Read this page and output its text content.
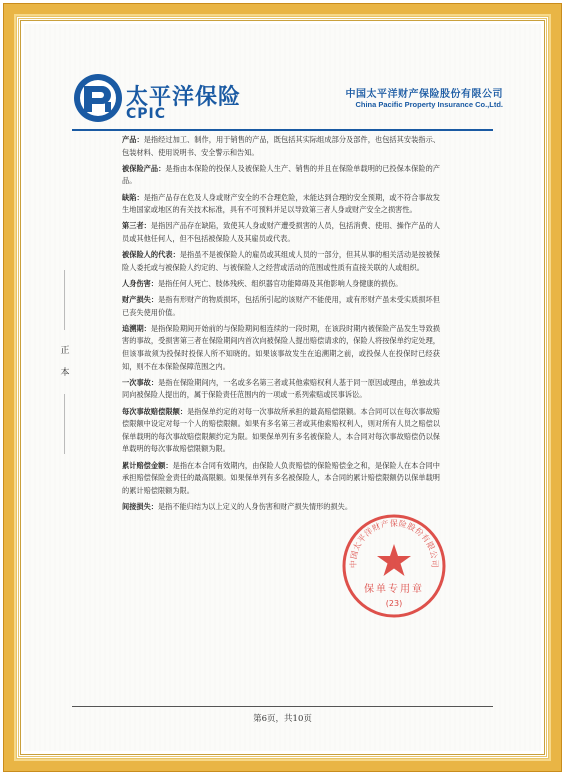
太平洋保险
CPIC
中国太平洋财产保险股份有限公司
China Pacific Property Insurance Co.,Ltd.
正
本

产品：是指经过加工、制作，用于销售的产品，既包括其实际组成部分及部件，也包括其安装指示、包装材料、使用说明书、安全警示和告知。

被保险产品：是指由本保险的投保人及被保险人生产、销售的并且在保险单载明的已投保本保险的产品。

缺陷：是指产品存在危及人身或财产安全的不合理危险，未能达到合理的安全预期，或不符合事故发生地国家或地区的有关技术标准，具有不可预料并足以导致第三者人身或财产安全之损害性。

第三者：是指因产品存在缺陷，致使其人身或财产遭受损害的人员，包括消费、使用、操作产品的人员或其他任何人，但不包括被保险人及其雇员或代表。

被保险人的代表：是指虽不是被保险人的雇员或其组成人员的一部分，但其从事的相关活动是按被保险人委托或与被保险人约定的、与被保险人之经营或活动的范围或性质有直接关联的人或组织。

人身伤害：是指任何人死亡、肢体残疾、组织器官功能障碍及其他影响人身健康的损伤。

财产损失：是指有形财产的物质损坏，包括所引起的该财产不能使用，或有形财产虽未受实质损坏但已丧失使用价值。

追溯期：是指保险期间开始前的与保险期间相连续的一段时期，在该段时期内被保险产品发生导致损害的事故，受损害第三者在保险期间内首次向被保险人提出赔偿请求的，保险人将按保单约定处理，但该事故须为投保时投保人所不知晓的。如果该事故发生在追溯期之前，或投保人在投保时已经获知，则不在本保险保障范围之内。

一次事故：是指在保险期间内，一名或多名第三者或其他索赔权利人基于同一原因或理由，单独或共同向被保险人提出的，属于保险责任范围内的一项或一系列索赔或民事诉讼。

每次事故赔偿限额：是指保单约定的对每一次事故所承担的最高赔偿限额。本合同可以在每次事故赔偿限额中设定对每一个人的赔偿限额。如果有多名第三者或其他索赔权利人，则对所有人员之赔偿以保单载明的每次事故赔偿限额约定为限。如果保单列有多名被保险人，本合同对每次事故赔偿仍以保单载明的每次事故赔偿限额为限。

累计赔偿金额：是指在本合同有效期内，由保险人负责赔偿的保险赔偿金之和，是保险人在本合同中承担赔偿保险金责任的最高限额。如果保单列有多名被保险人，本合同的累计赔偿限额仍以保单载明的累计赔偿限额为限。

间接损失：是指不能归结为以上定义的人身伤害和财产损失情形的损失。

中国太平洋财产保险股份有限公司
保单专用章
(23)
第6页，共10页
